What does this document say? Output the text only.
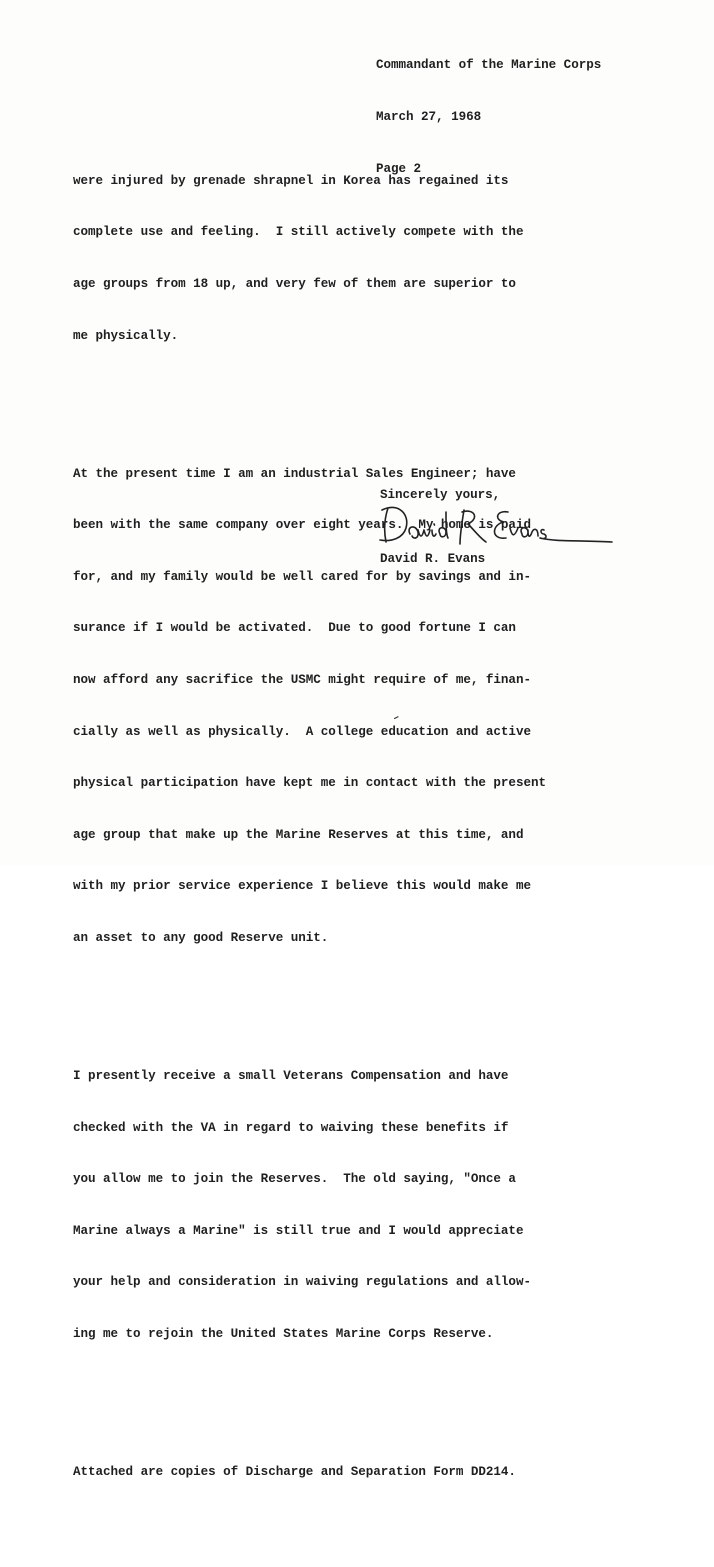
Commandant of the Marine Corps

March 27, 1968

Page 2

were injured by grenade shrapnel in Korea has regained its

complete use and feeling.  I still actively compete with the

age groups from 18 up, and very few of them are superior to

me physically.

At the present time I am an industrial Sales Engineer; have

been with the same company over eight years.  My home is paid

for, and my family would be well cared for by savings and in-

surance if I would be activated.  Due to good fortune I can

now afford any sacrifice the USMC might require of me, finan-

cially as well as physically.  A college education and active

physical participation have kept me in contact with the present

age group that make up the Marine Reserves at this time, and

with my prior service experience I believe this would make me

an asset to any good Reserve unit.

I presently receive a small Veterans Compensation and have

checked with the VA in regard to waiving these benefits if

you allow me to join the Reserves.  The old saying, "Once a

Marine always a Marine" is still true and I would appreciate

your help and consideration in waiving regulations and allow-

ing me to rejoin the United States Marine Corps Reserve.

Attached are copies of Discharge and Separation Form DD214.

Sincerely yours,
David R. Evans
